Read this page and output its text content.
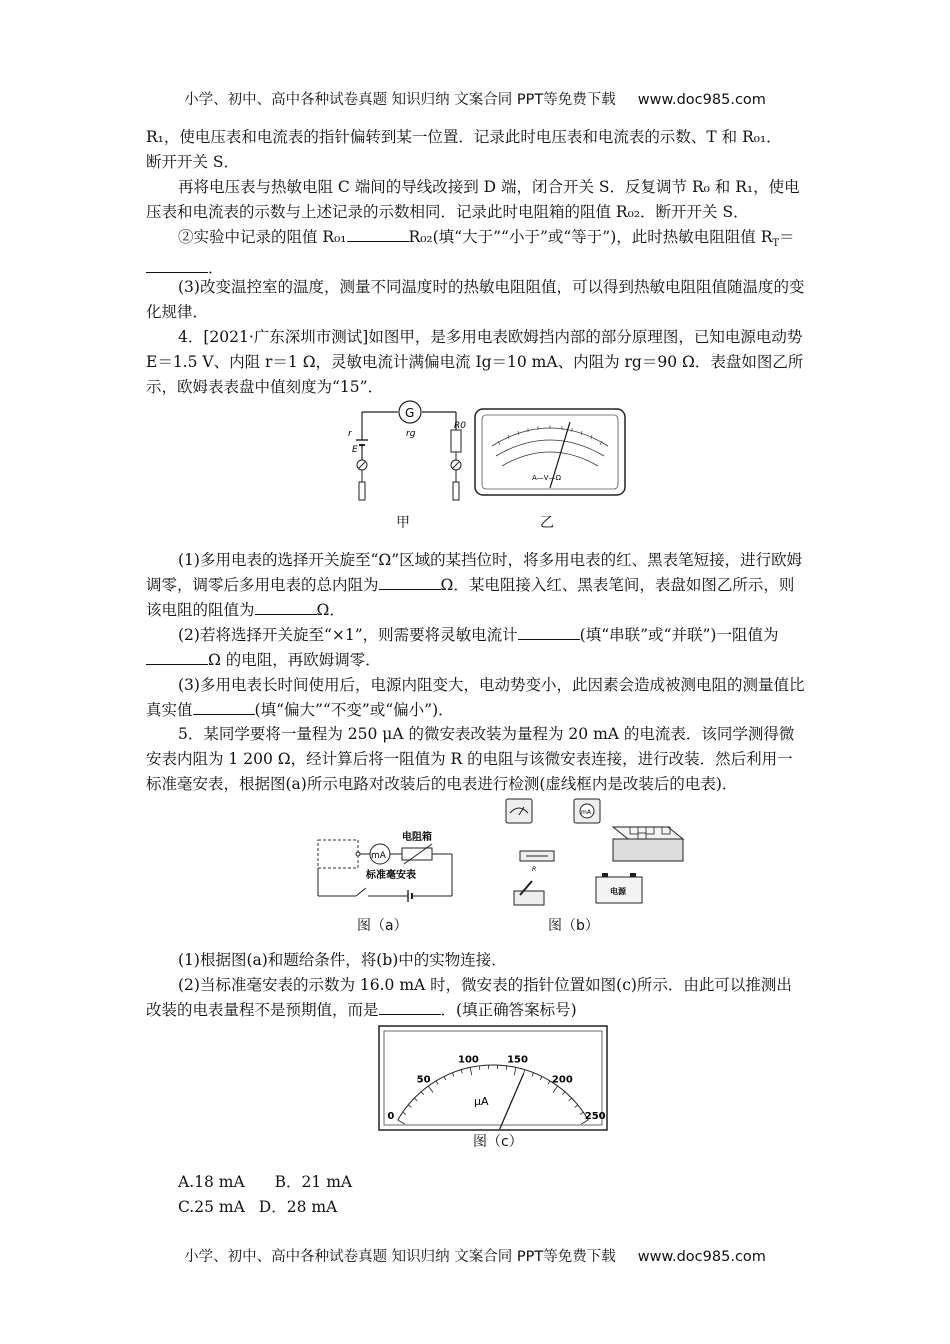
小学、初中、高中各种试卷真题 知识归纳 文案合同 PPT等免费下载 www.doc985.com

R₁，使电压表和电流表的指针偏转到某一位置．记录此时电压表和电流表的示数、T 和 R₀₁．
断开开关 S．

再将电压表与热敏电阻 C 端间的导线改接到 D 端，闭合开关 S．反复调节 R₀ 和 R₁，使电压表和电流表的示数与上述记录的示数相同．记录此时电阻箱的阻值 R₀₂．断开开关 S．

②实验中记录的阻值 R₀₁	R₀₂(填“大于”“小于”或“等于”)，此时热敏电阻阻值 $R_T=$．

(3)改变温控室的温度，测量不同温度时的热敏电阻阻值，可以得到热敏电阻阻值随温度的变化规律．

4．[2021·广东深圳市测试]如图甲，是多用电表欧姆挡内部的部分原理图，已知电源电动势 E＝1.5 V、内阻 r＝1 Ω，灵敏电流计满偏电流 Ig＝10 mA、内阻为 rg＝90 Ω．表盘如图乙所示，欧姆表表盘中值刻度为“15”．

G
rg
r
E
R0
甲
A—V—Ω
乙

(1)多用电表的选择开关旋至“Ω”区域的某挡位时，将多用电表的红、黑表笔短接，进行欧姆调零，调零后多用电表的总内阻为	Ω．某电阻接入红、黑表笔间，表盘如图乙所示，则该电阻的阻值为	Ω．

(2)若将选择开关旋至“×1”，则需要将灵敏电流计	(填“串联”或“并联”)一阻值为Ω 的电阻，再欧姆调零．

(3)多用电表长时间使用后，电源内阻变大，电动势变小，此因素会造成被测电阻的测量值比真实值	(填“偏大”“不变”或“偏小”)．

5．某同学要将一量程为 250 μA 的微安表改装为量程为 20 mA 的电流表．该同学测得微安表内阻为 1 200 Ω，经计算后将一阻值为 R 的电阻与该微安表连接，进行改装．然后利用一标准毫安表，根据图(a)所示电路对改装后的电表进行检测(虚线框内是改装后的电表)．

mA
电阻箱
标准毫安表
图（a）
mA
R
电源
图（b）

(1)根据图(a)和题给条件，将(b)中的实物连接．

(2)当标准毫安表的示数为 16.0 mA 时，微安表的指针位置如图(c)所示．由此可以推测出改装的电表量程不是预期值，而是	．(填正确答案标号)

0
50
100	150
200
250
μA
图（c）
A.18 mA B．21 mA
C.25 mA D．28 mA
小学、初中、高中各种试卷真题 知识归纳 文案合同 PPT等免费下载 www.doc985.com
